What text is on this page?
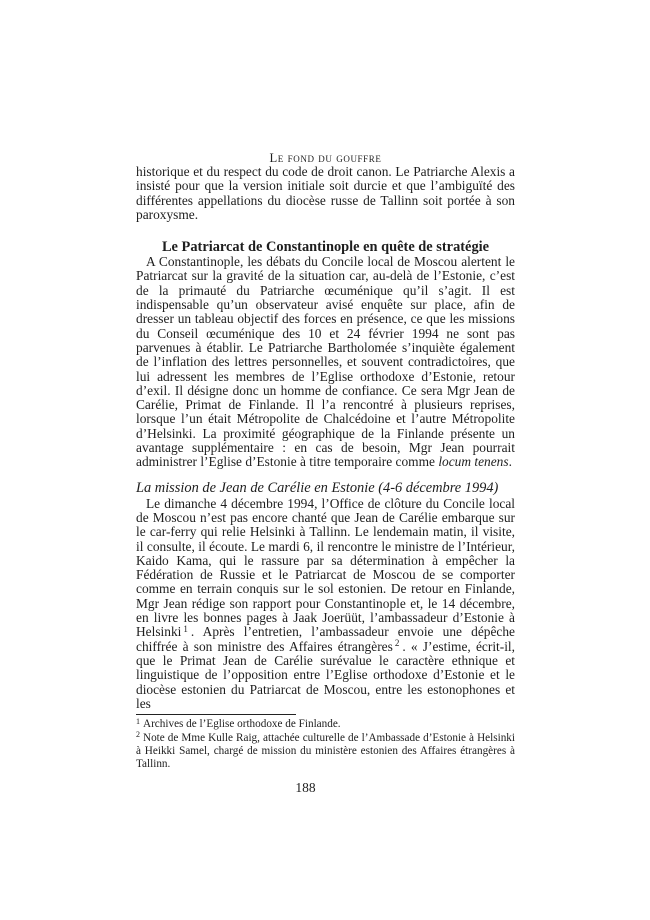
Le fond du gouffre

historique et du respect du code de droit canon. Le Patriarche Alexis a insisté pour que la version initiale soit durcie et que l’ambiguïté des différentes appellations du diocèse russe de Tallinn soit portée à son paroxysme.

Le Patriarcat de Constantinople en quête de stratégie

A Constantinople, les débats du Concile local de Moscou alertent le Patriarcat sur la gravité de la situation car, au-delà de l’Estonie, c’est de la primauté du Patriarche œcuménique qu’il s’agit. Il est indispensable qu’un observateur avisé enquête sur place, afin de dresser un tableau objectif des forces en présence, ce que les missions du Conseil œcuménique des 10 et 24 février 1994 ne sont pas parvenues à établir. Le Patriarche Bartholomée s’inquiète également de l’inflation des lettres personnelles, et souvent contradictoires, que lui adressent les membres de l’Eglise orthodoxe d’Estonie, retour d’exil. Il désigne donc un homme de confiance. Ce sera Mgr Jean de Carélie, Primat de Finlande. Il l’a rencontré à plusieurs reprises, lorsque l’un était Métropolite de Chalcédoine et l’autre Métropolite d’Helsinki. La proximité géographique de la Finlande présente un avantage supplémentaire : en cas de besoin, Mgr Jean pourrait administrer l’Eglise d’Estonie à titre temporaire comme locum tenens.

La mission de Jean de Carélie en Estonie (4-6 décembre 1994)

Le dimanche 4 décembre 1994, l’Office de clôture du Concile local de Moscou n’est pas encore chanté que Jean de Carélie embarque sur le car-ferry qui relie Helsinki à Tallinn. Le lendemain matin, il visite, il consulte, il écoute. Le mardi 6, il rencontre le ministre de l’Intérieur, Kaido Kama, qui le rassure par sa détermination à empêcher la Fédération de Russie et le Patriarcat de Moscou de se comporter comme en terrain conquis sur le sol estonien. De retour en Finlande, Mgr Jean rédige son rapport pour Constantinople et, le 14 décembre, en livre les bonnes pages à Jaak Joerüüt, l’ambassadeur d’Estonie à Helsinki $^1$ . Après l’entretien, l’ambassadeur envoie une dépêche chiffrée à son ministre des Affaires étrangères $^2$ . « J’estime, écrit-il, que le Primat Jean de Carélie surévalue le caractère ethnique et linguistique de l’opposition entre l’Eglise orthodoxe d’Estonie et le diocèse estonien du Patriarcat de Moscou, entre les estonophones et les

$^1$ Archives de l’Eglise orthodoxe de Finlande.

$^2$ Note de Mme Kulle Raig, attachée culturelle de l’Ambassade d’Estonie à Helsinki à Heikki Samel, chargé de mission du ministère estonien des Affaires étrangères à Tallinn.

188
